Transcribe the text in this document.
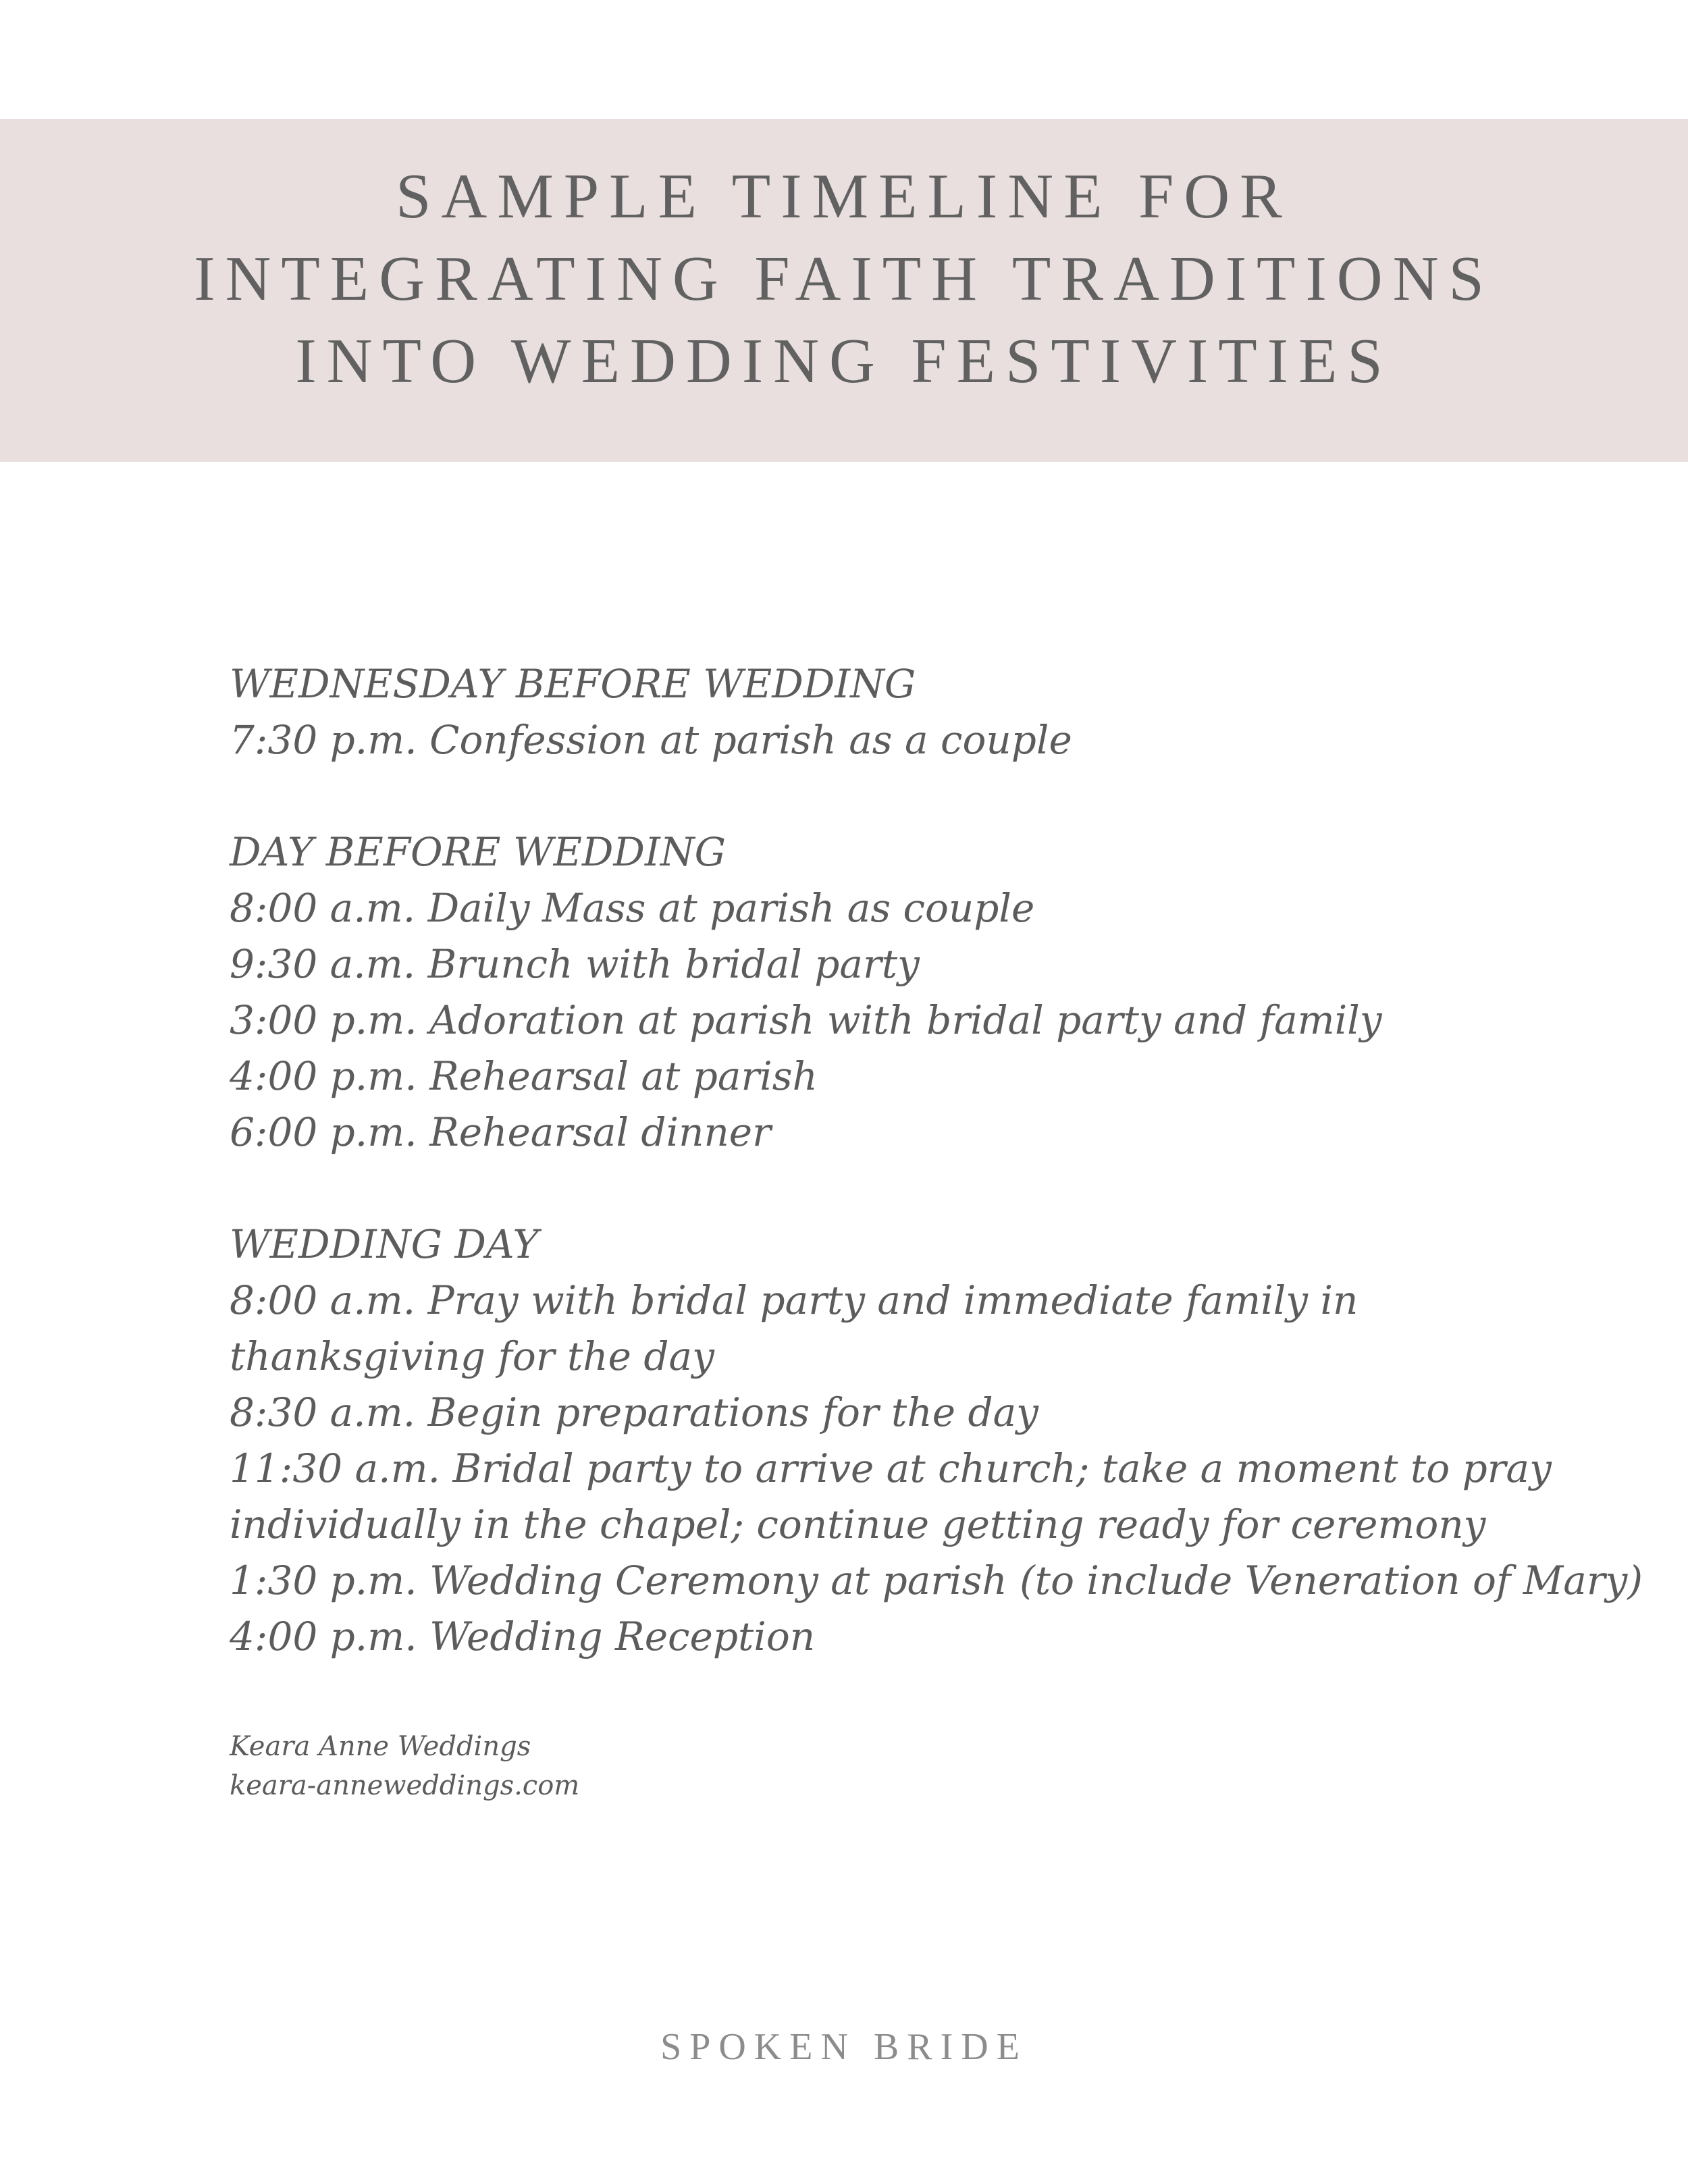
SAMPLE TIMELINE FOR
INTEGRATING FAITH TRADITIONS
INTO WEDDING FESTIVITIES
WEDNESDAY BEFORE WEDDING
7:30 p.m. Confession at parish as a couple
DAY BEFORE WEDDING
8:00 a.m. Daily Mass at parish as couple
9:30 a.m. Brunch with bridal party
3:00 p.m. Adoration at parish with bridal party and family
4:00 p.m. Rehearsal at parish
6:00 p.m. Rehearsal dinner
WEDDING DAY
8:00 a.m. Pray with bridal party and immediate family in
thanksgiving for the day
8:30 a.m. Begin preparations for the day
11:30 a.m. Bridal party to arrive at church; take a moment to pray
individually in the chapel; continue getting ready for ceremony
1:30 p.m. Wedding Ceremony at parish (to include Veneration of Mary)
4:00 p.m. Wedding Reception
Keara Anne Weddings
keara-anneweddings.com
SPOKEN BRIDE
